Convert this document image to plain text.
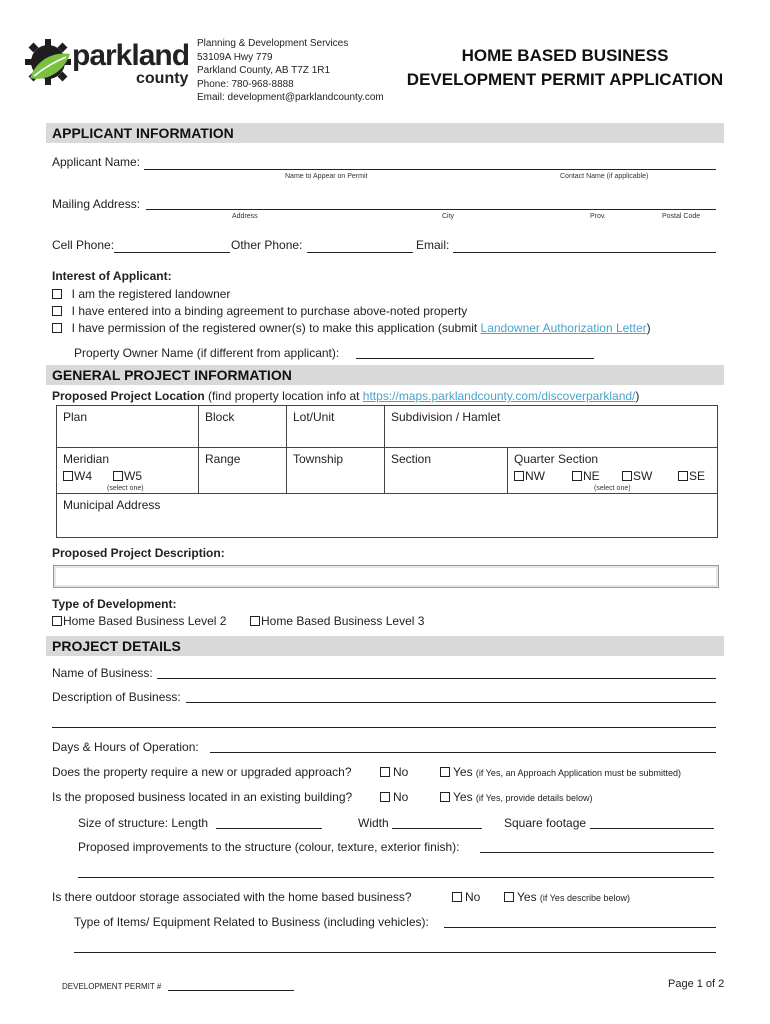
parkland
county
Planning & Development Services
53109A Hwy 779
Parkland County, AB T7Z 1R1
Phone: 780-968-8888
Email: development@parklandcounty.com
HOME BASED BUSINESS
DEVELOPMENT PERMIT APPLICATION
APPLICANT INFORMATION
Applicant Name:
Name to Appear on Permit	Contact Name (if applicable)
Mailing Address:
Address	City	Prov.	Postal Code
Cell Phone:	Other Phone:	Email:
Interest of Applicant:
I am the registered landowner
I have entered into a binding agreement to purchase above-noted property
I have permission of the registered owner(s) to make this application (submit Landowner Authorization Letter)
Property Owner Name (if different from applicant):
GENERAL PROJECT INFORMATION
Proposed Project Location (find property location info at https://maps.parklandcounty.com/discoverparkland/)
Plan	Block	Lot/Unit	Subdivision / Hamlet
Meridian
W4	W5
(select one)
Range	Township	Section	Quarter Section
NW	NE	SW	SE
(select one)
Municipal Address
Proposed Project Description:
Type of Development:
Home Based Business Level 2	Home Based Business Level 3
PROJECT DETAILS
Name of Business:
Description of Business:
Days & Hours of Operation:
Does the property require a new or upgraded approach?	No	Yes (if Yes, an Approach Application must be submitted)
Is the proposed business located in an existing building?	No	Yes (if Yes, provide details below)
Size of structure: Length	Width	Square footage
Proposed improvements to the structure (colour, texture, exterior finish):
Is there outdoor storage associated with the home based business?	No	Yes (if Yes describe below)
Type of Items/ Equipment Related to Business (including vehicles):
DEVELOPMENT PERMIT #	Page 1 of 2
